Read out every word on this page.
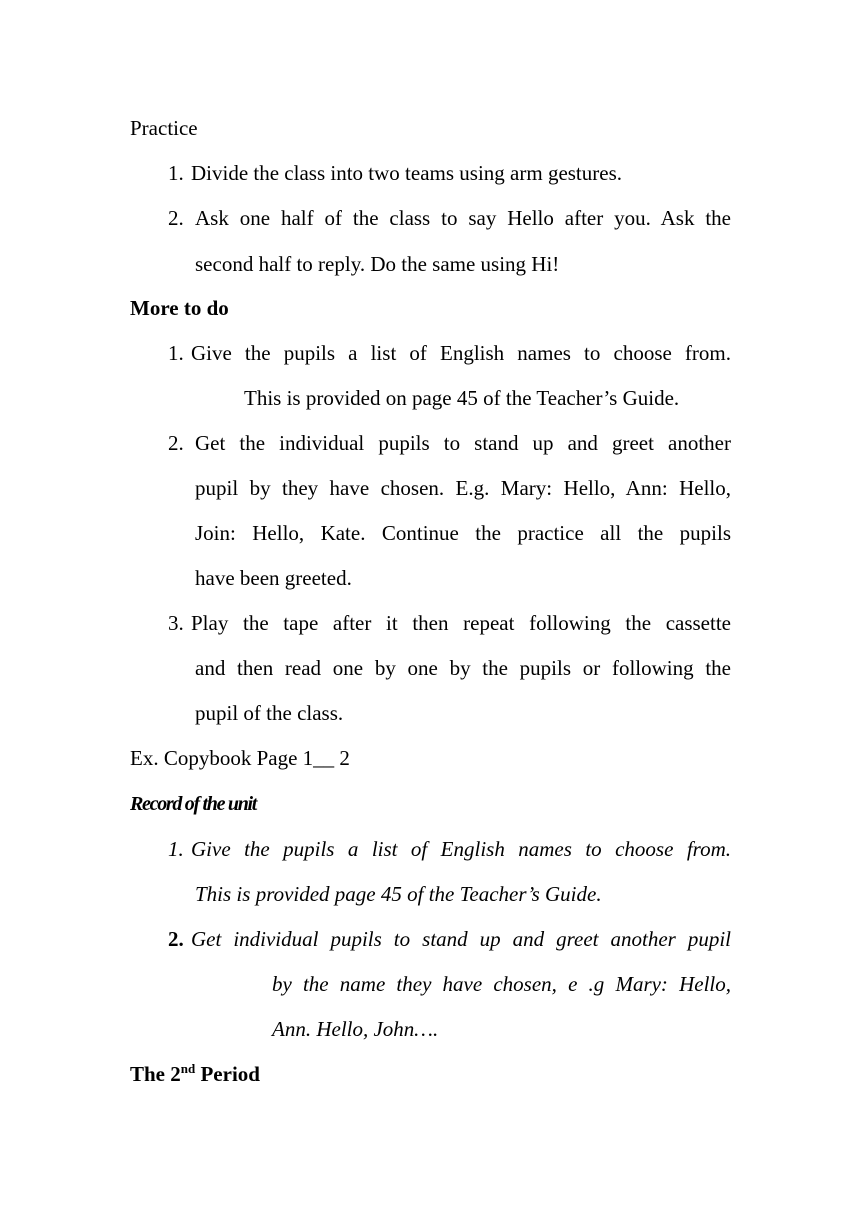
Practice
1. Divide the class into two teams using arm gestures.
2. Ask one half of the class to say Hello after you. Ask the
second half to reply. Do the same using Hi!
More to do
1. Give the pupils a list of English names to choose from.
This is provided on page 45 of the Teacher’s Guide.
2. Get the individual pupils to stand up and greet another
pupil by they have chosen. E.g. Mary: Hello, Ann: Hello,
Join: Hello, Kate. Continue the practice all the pupils
have been greeted.
3. Play the tape after it then repeat following the cassette
and then read one by one by the pupils or following the
pupil of the class.
Ex. Copybook Page 1__ 2
Record of the unit
1. Give the pupils a list of English names to choose from.
This is provided page 45 of the Teacher’s Guide.
2. Get individual pupils to stand up and greet another pupil
by the name they have chosen, e .g Mary: Hello,
Ann. Hello, John….
The 2nd Period
